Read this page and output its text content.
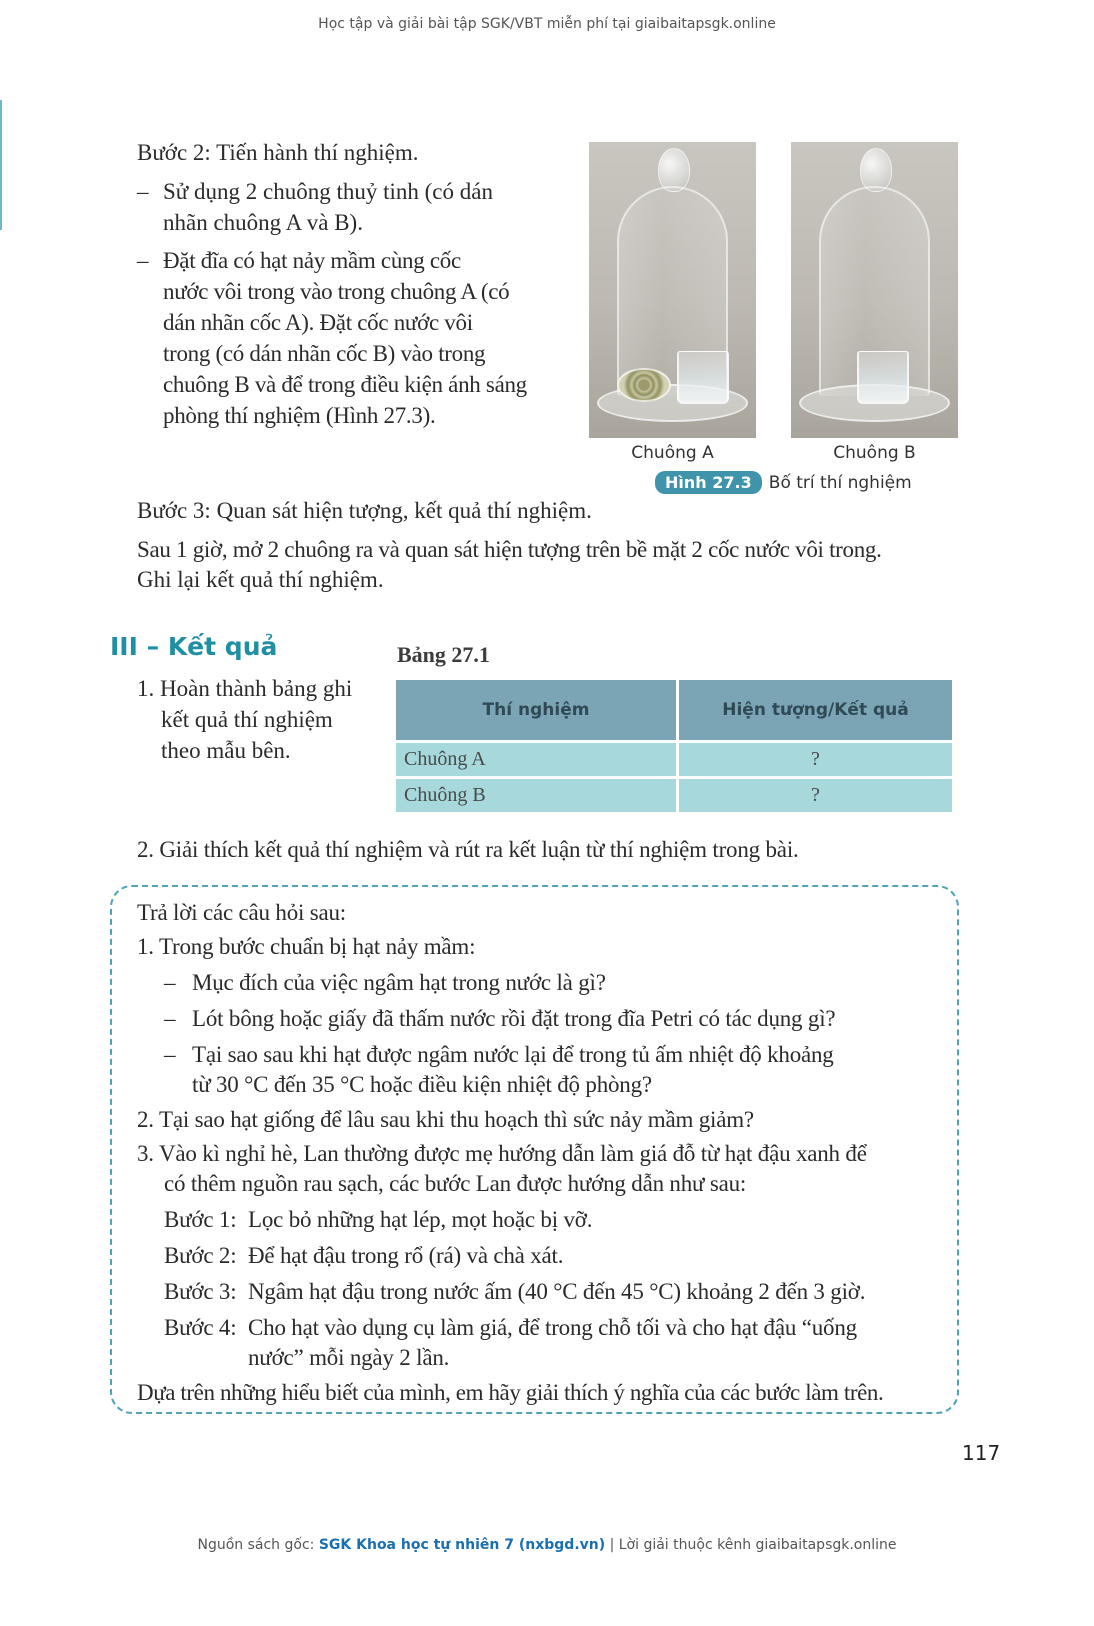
Học tập và giải bài tập SGK/VBT miễn phí tại giaibaitapsgk.online
Bước 2: Tiến hành thí nghiệm.
– Sử dụng 2 chuông thuỷ tinh (có dán
nhãn chuông A và B).
– Đặt đĩa có hạt nảy mầm cùng cốc
nước vôi trong vào trong chuông A (có
dán nhãn cốc A). Đặt cốc nước vôi
trong (có dán nhãn cốc B) vào trong
chuông B và để trong điều kiện ánh sáng
phòng thí nghiệm (Hình 27.3).
Chuông A	Chuông B
Hình 27.3 Bố trí thí nghiệm
Bước 3: Quan sát hiện tượng, kết quả thí nghiệm.
Sau 1 giờ, mở 2 chuông ra và quan sát hiện tượng trên bề mặt 2 cốc nước vôi trong.
Ghi lại kết quả thí nghiệm.
III – Kết quả	Bảng 27.1
1. Hoàn thành bảng ghi
kết quả thí nghiệm
theo mẫu bên.
Thí nghiệm	Hiện tượng/Kết quả
Chuông A	?
Chuông B	?
2. Giải thích kết quả thí nghiệm và rút ra kết luận từ thí nghiệm trong bài.
Trả lời các câu hỏi sau:
1. Trong bước chuẩn bị hạt nảy mầm:
– Mục đích của việc ngâm hạt trong nước là gì?
– Lót bông hoặc giấy đã thấm nước rồi đặt trong đĩa Petri có tác dụng gì?
– Tại sao sau khi hạt được ngâm nước lại để trong tủ ấm nhiệt độ khoảng
từ 30 °C đến 35 °C hoặc điều kiện nhiệt độ phòng?
2. Tại sao hạt giống để lâu sau khi thu hoạch thì sức nảy mầm giảm?
3. Vào kì nghỉ hè, Lan thường được mẹ hướng dẫn làm giá đỗ từ hạt đậu xanh để
có thêm nguồn rau sạch, các bước Lan được hướng dẫn như sau:
Bước 1: Lọc bỏ những hạt lép, mọt hoặc bị vỡ.
Bước 2: Để hạt đậu trong rổ (rá) và chà xát.
Bước 3: Ngâm hạt đậu trong nước ấm (40 °C đến 45 °C) khoảng 2 đến 3 giờ.
Bước 4: Cho hạt vào dụng cụ làm giá, để trong chỗ tối và cho hạt đậu “uống
nước” mỗi ngày 2 lần.
Dựa trên những hiểu biết của mình, em hãy giải thích ý nghĩa của các bước làm trên.
117
Nguồn sách gốc: SGK Khoa học tự nhiên 7 (nxbgd.vn) | Lời giải thuộc kênh giaibaitapsgk.online
